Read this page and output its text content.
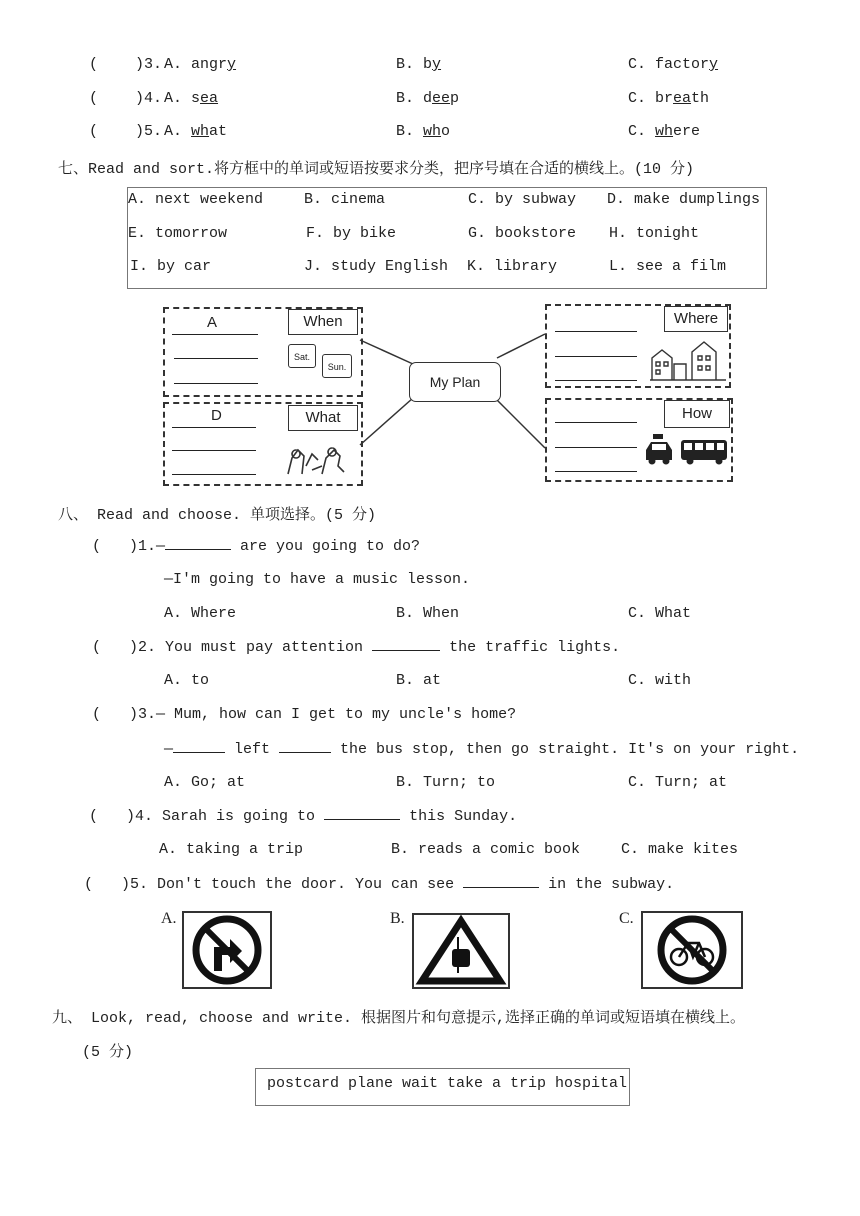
( )3. A. angry	B. by	C. factory
( )4. A. sea	B. deep	C. breath
( )5. A. what	B. who	C. where
七、Read and sort.将方框中的单词或短语按要求分类，把序号填在合适的横线上。(10 分)
A. next weekend	B. cinema	C. by subway D. make dumplings
E. tomorrow	F. by bike	G. bookstore H. tonight
I. by car	J. study English K. library	L. see a film
My Plan
A	When
Sat.
Sun.
D	What
Where
How
八、 Read and choose. 单项选择。(5 分)
( )1.—	are you going to do?
—I'm going to have a music lesson.
A. Where	B. When	C. What
( )2. You must pay attention	the traffic lights.
A. to	B. at	C. with
( )3.— Mum, how can I get to my uncle's home?
—	left	the bus stop, then go straight. It's on your right.
A. Go; at	B. Turn; to	C. Turn; at
( )4. Sarah is going to	this Sunday.
A. taking a trip	B. reads a comic book	C. make kites
( )5. Don't touch the door. You can see	in the subway.
A.	B.	C.
九、 Look, read, choose and write. 根据图片和句意提示,选择正确的单词或短语填在横线上。
(5 分)
postcard plane wait take a trip hospital
